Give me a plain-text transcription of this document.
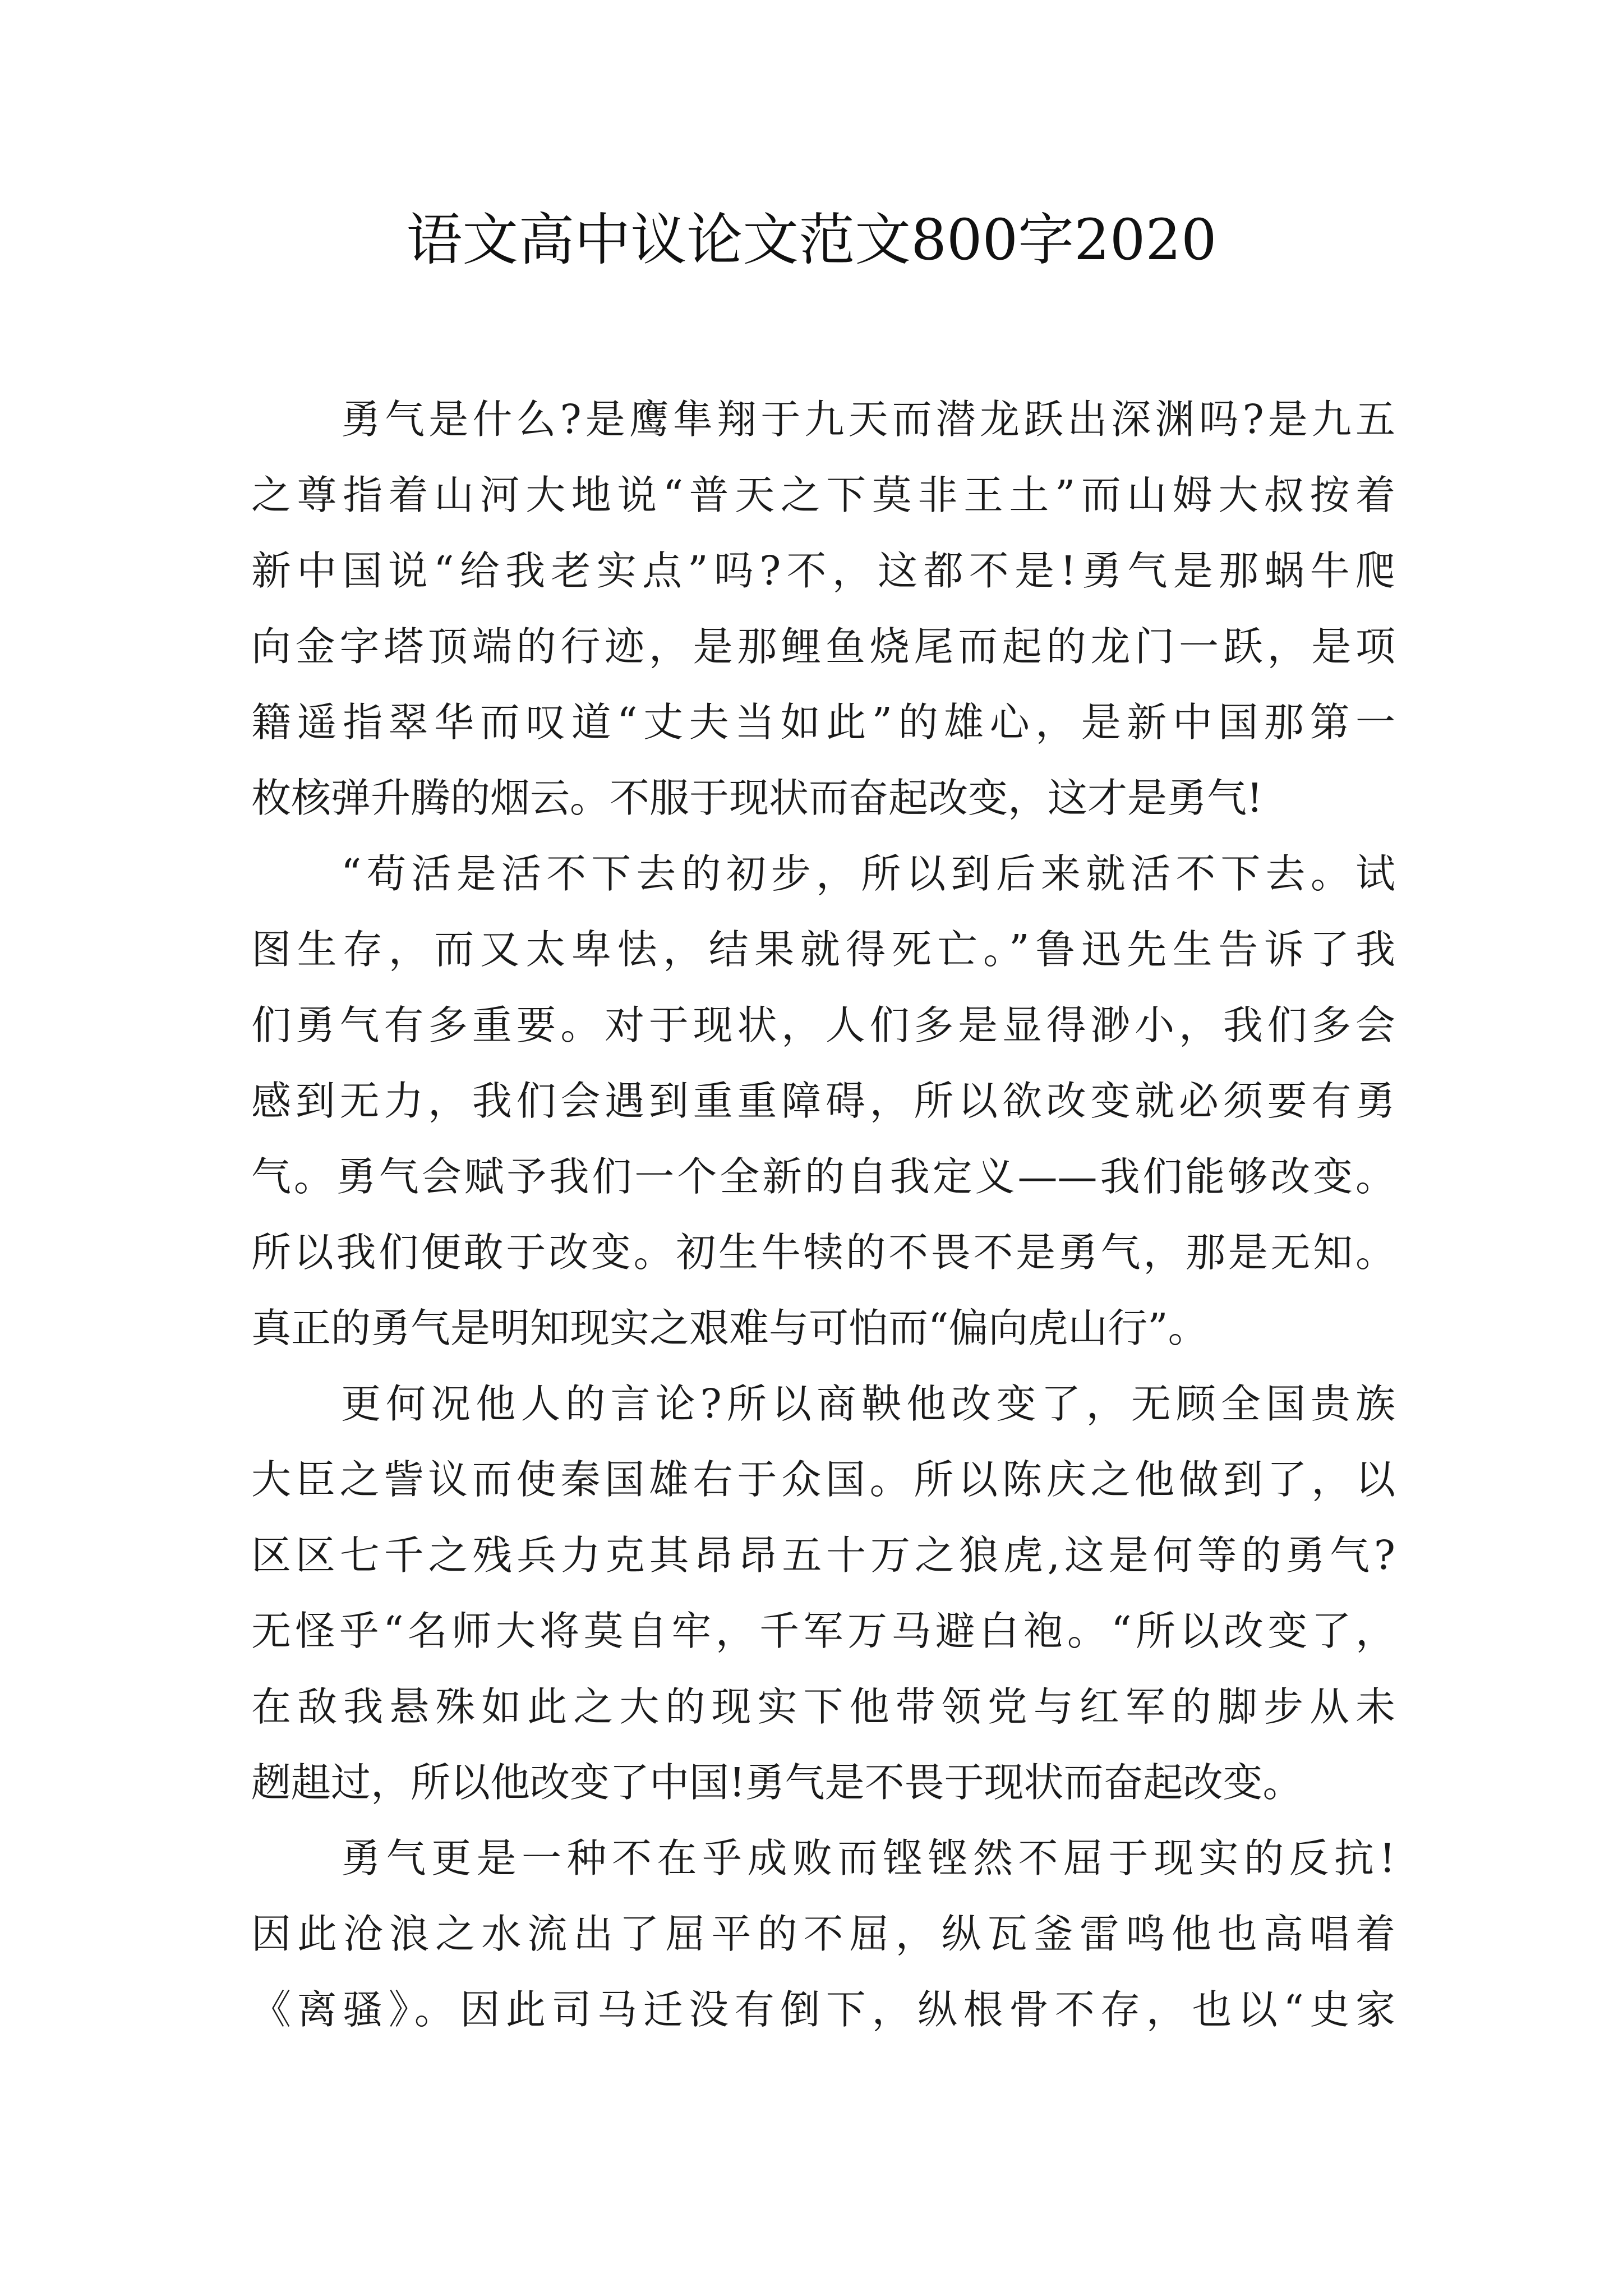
语文高中议论文范文800字2020
勇气是什么?是鹰隼翔于九天而潜龙跃出深渊吗?是九五
之尊指着山河大地说“普天之下莫非王土”而山姆大叔按着
新中国说“给我老实点”吗?不，这都不是!勇气是那蜗牛爬
向金字塔顶端的行迹，是那鲤鱼烧尾而起的龙门一跃，是项
籍遥指翠华而叹道“丈夫当如此”的雄心，是新中国那第一
枚核弹升腾的烟云。不服于现状而奋起改变，这才是勇气!
“苟活是活不下去的初步，所以到后来就活不下去。试
图生存，而又太卑怯，结果就得死亡。”鲁迅先生告诉了我
们勇气有多重要。对于现状，人们多是显得渺小，我们多会
感到无力，我们会遇到重重障碍，所以欲改变就必须要有勇
气。勇气会赋予我们一个全新的自我定义——我们能够改变。
所以我们便敢于改变。初生牛犊的不畏不是勇气，那是无知。
真正的勇气是明知现实之艰难与可怕而“偏向虎山行”。
更何况他人的言论?所以商鞅他改变了，无顾全国贵族
大臣之訾议而使秦国雄右于众国。所以陈庆之他做到了，以
区区七千之残兵力克其昂昂五十万之狼虎,这是何等的勇气?
无怪乎“名师大将莫自牢，千军万马避白袍。“所以改变了，
在敌我悬殊如此之大的现实下他带领党与红军的脚步从未
趔趄过，所以他改变了中国!勇气是不畏于现状而奋起改变。
勇气更是一种不在乎成败而铿铿然不屈于现实的反抗!
因此沧浪之水流出了屈平的不屈，纵瓦釜雷鸣他也高唱着
《离骚》。因此司马迁没有倒下，纵根骨不存，也以“史家
